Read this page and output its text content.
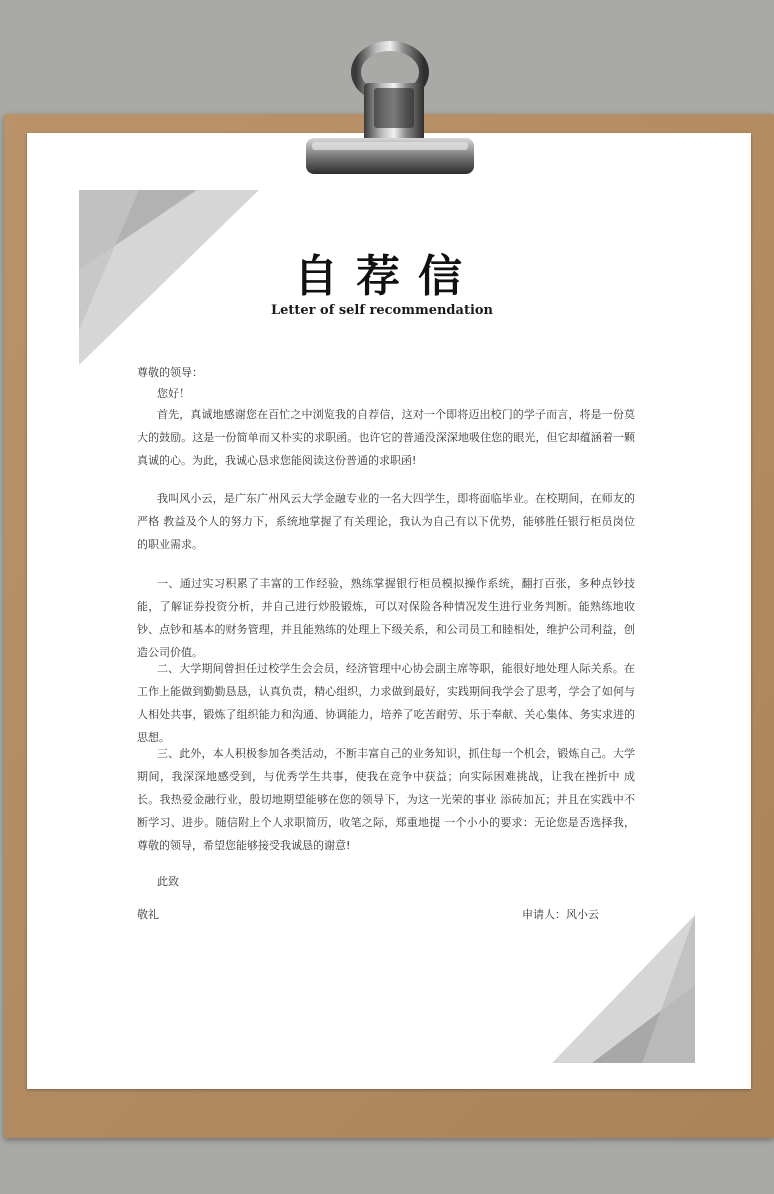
自荐信
Letter of self recommendation
尊敬的领导：
您好！
首先，真诚地感谢您在百忙之中浏览我的自荐信，这对一个即将迈出校门的学子而言，将是一份莫大的鼓励。这是一份简单而又朴实的求职函。也许它的普通没深深地吸住您的眼光，但它却蕴涵着一颗真诚的心。为此，我诚心恳求您能阅读这份普通的求职函!
我叫风小云，是广东广州风云大学金融专业的一名大四学生，即将面临毕业。在校期间，在师友的严格 教益及个人的努力下，系统地掌握了有关理论，我认为自己有以下优势，能够胜任银行柜员岗位的职业需求。
一、通过实习积累了丰富的工作经验，熟练掌握银行柜员模拟操作系统，翻打百张，多种点钞技能，了解证券投资分析，并自己进行炒股锻炼，可以对保险各种情况发生进行业务判断。能熟练地收钞、点钞和基本的财务管理，并且能熟练的处理上下级关系，和公司员工和睦相处，维护公司利益，创造公司价值。
二、大学期间曾担任过校学生会会员，经济管理中心协会副主席等职，能很好地处理人际关系。在工作上能做到勤勤恳恳，认真负责，精心组织，力求做到最好，实践期间我学会了思考，学会了如何与人相处共事，锻炼了组织能力和沟通、协调能力，培养了吃苦耐劳、乐于奉献、关心集体、务实求进的思想。
三、此外，本人积极参加各类活动，不断丰富自己的业务知识，抓住每一个机会，锻炼自己。大学期间，我深深地感受到，与优秀学生共事，使我在竞争中获益；向实际困难挑战，让我在挫折中 成长。我热爱金融行业，殷切地期望能够在您的领导下，为这一光荣的事业 添砖加瓦；并且在实践中不断学习、进步。随信附上个人求职简历，收笔之际，郑重地提 一个小小的要求：无论您是否选择我，尊敬的领导，希望您能够接受我诚恳的谢意!
此致
敬礼	申请人：风小云
